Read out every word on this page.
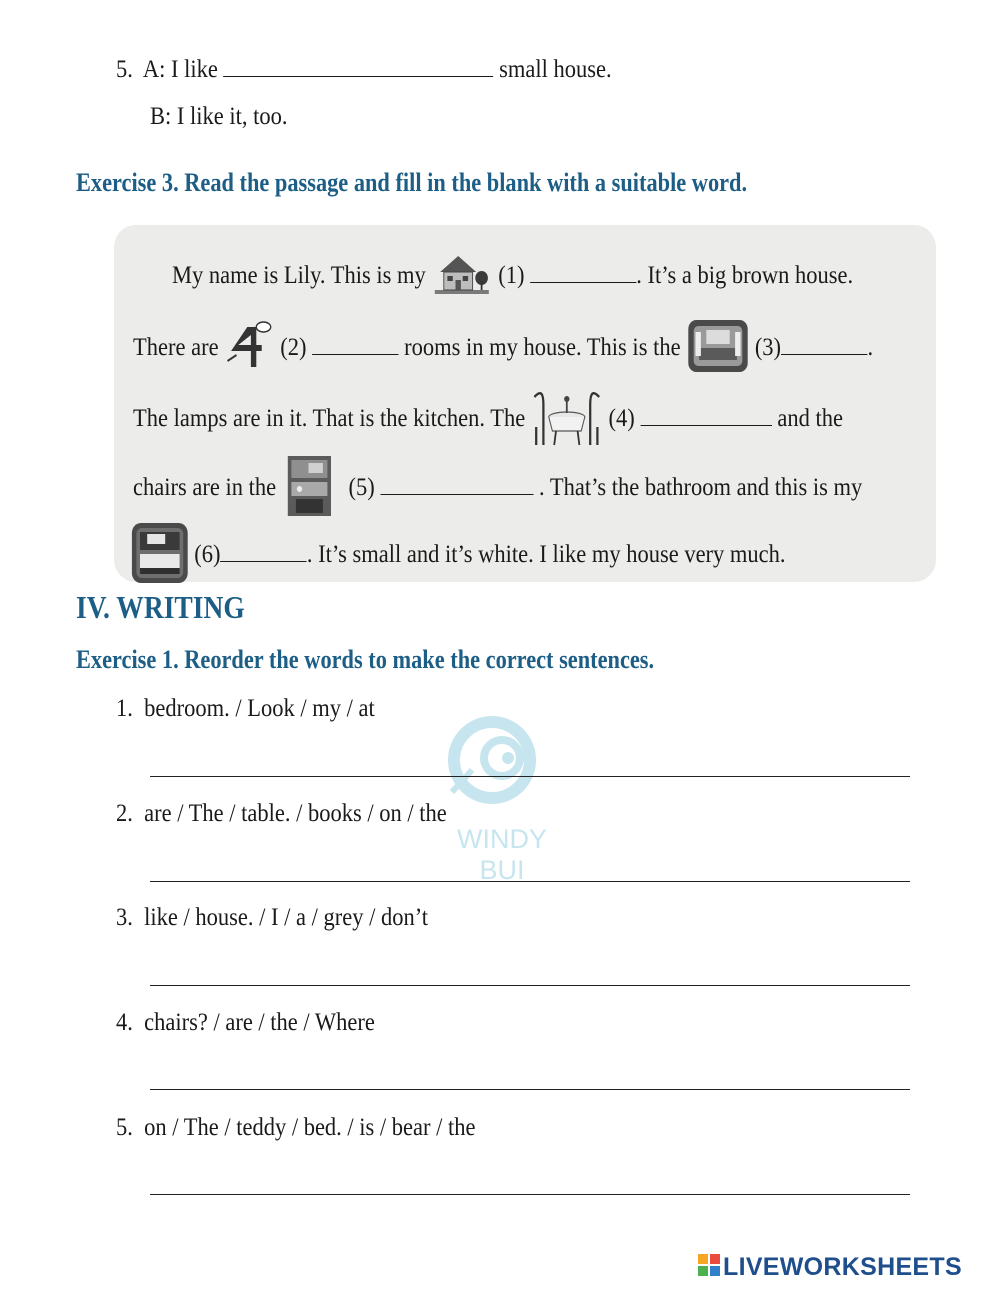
5. A: I like	small house.
B: I like it, too.
Exercise 3. Read the passage and fill in the blank with a suitable word.
My name is Lily. This is my	(1)	. It’s a big brown house.
There are (2)	rooms in my house. This is the	(3)	.
The lamps are in it. That is the kitchen. The	(4)	and the
chairs are in the	(5)	. That’s the bathroom and this is my
(6)	. It’s small and it’s white. I like my house very much.
IV. WRITING
Exercise 1. Reorder the words to make the correct sentences.
WINDY BUI
1. bedroom. / Look / my / at
2. are / The / table. / books / on / the
3. like / house. / I / a / grey / don’t
4. chairs? / are / the / Where
5. on / The / teddy / bed. / is / bear / the
LIVEWORKSHEETS
